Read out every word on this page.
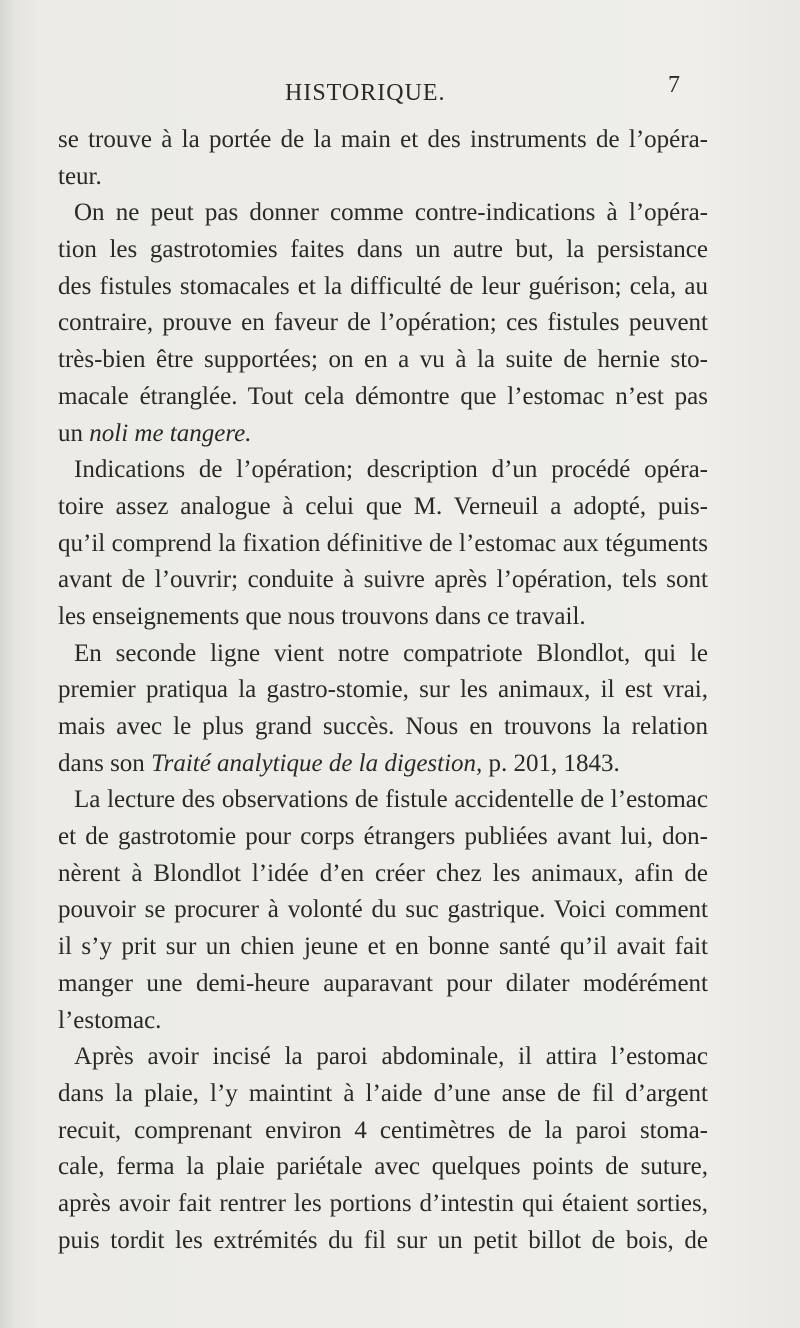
HISTORIQUE.	7
se trouve à la portée de la main et des instruments de l’opéra-
teur.
On ne peut pas donner comme contre-indications à l’opéra-
tion les gastrotomies faites dans un autre but, la persistance
des fistules stomacales et la difficulté de leur guérison; cela, au
contraire, prouve en faveur de l’opération; ces fistules peuvent
très-bien être supportées; on en a vu à la suite de hernie sto-
macale étranglée. Tout cela démontre que l’estomac n’est pas
un noli me tangere.
Indications de l’opération; description d’un procédé opéra-
toire assez analogue à celui que M. Verneuil a adopté, puis-
qu’il comprend la fixation définitive de l’estomac aux téguments
avant de l’ouvrir; conduite à suivre après l’opération, tels sont
les enseignements que nous trouvons dans ce travail.
En seconde ligne vient notre compatriote Blondlot, qui le
premier pratiqua la gastro-stomie, sur les animaux, il est vrai,
mais avec le plus grand succès. Nous en trouvons la relation
dans son Traité analytique de la digestion, p. 201, 1843.
La lecture des observations de fistule accidentelle de l’estomac
et de gastrotomie pour corps étrangers publiées avant lui, don-
nèrent à Blondlot l’idée d’en créer chez les animaux, afin de
pouvoir se procurer à volonté du suc gastrique. Voici comment
il s’y prit sur un chien jeune et en bonne santé qu’il avait fait
manger une demi-heure auparavant pour dilater modérément
l’estomac.
Après avoir incisé la paroi abdominale, il attira l’estomac
dans la plaie, l’y maintint à l’aide d’une anse de fil d’argent
recuit, comprenant environ 4 centimètres de la paroi stoma-
cale, ferma la plaie pariétale avec quelques points de suture,
après avoir fait rentrer les portions d’intestin qui étaient sorties,
puis tordit les extrémités du fil sur un petit billot de bois, de
